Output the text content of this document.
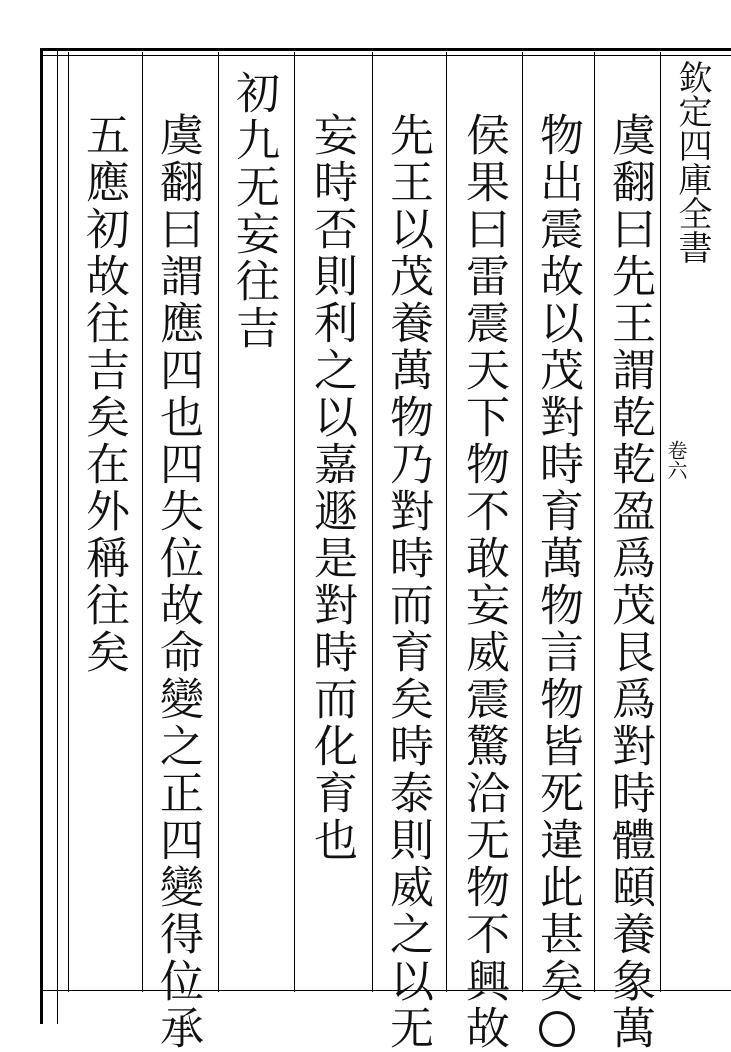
欽定四庫全書
卷六
虞翻曰先王謂乾乾盈爲茂艮爲對時體頤養象萬
物出震故以茂對時育萬物言物皆死違此甚矣
侯果曰雷震天下物不敢妄威震驚洽无物不興故
先王以茂養萬物乃對時而育矣時泰則威之以无
妄時否則利之以嘉遯是對時而化育也
初九无妄往吉
虞翻曰謂應四也四失位故命變之正四變得位承
五應初故往吉矣在外稱往矣
